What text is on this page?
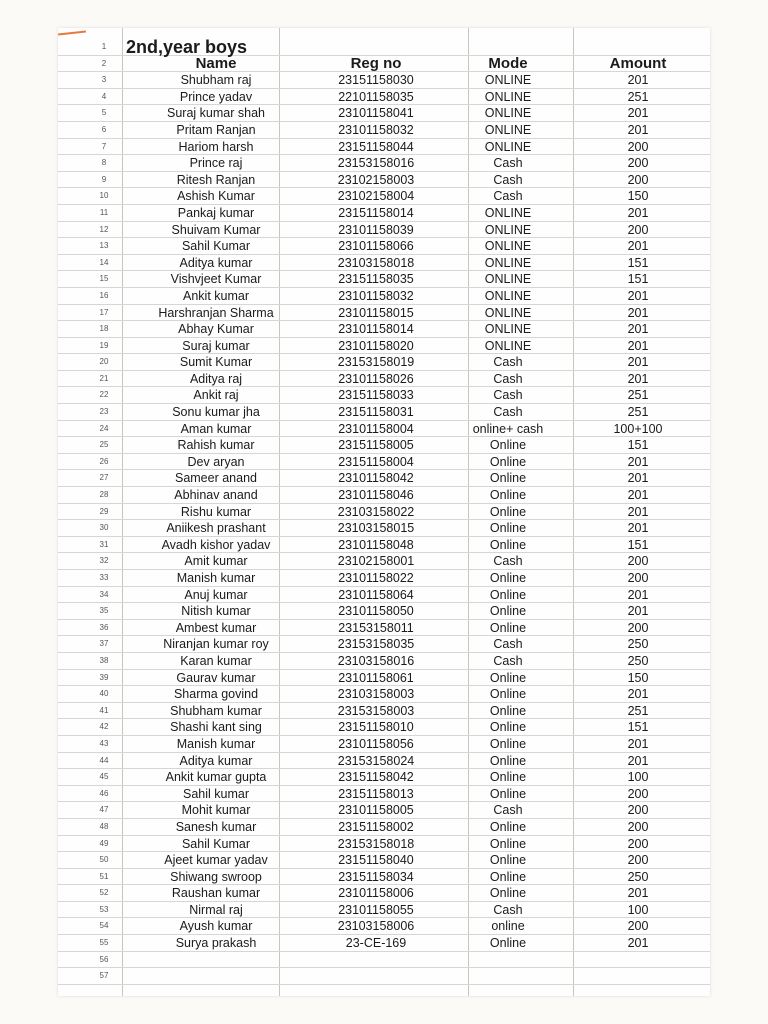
1	2nd,year boys
2	Name	Reg no	Mode	Amount
3	Shubham raj	23151158030	ONLINE	201
4	Prince yadav	22101158035	ONLINE	251
5	Suraj kumar shah	23101158041	ONLINE	201
6	Pritam Ranjan	23101158032	ONLINE	201
7	Hariom harsh	23151158044	ONLINE	200
8	Prince raj	23153158016	Cash	200
9	Ritesh Ranjan	23102158003	Cash	200
10	Ashish Kumar	23102158004	Cash	150
11	Pankaj kumar	23151158014	ONLINE	201
12	Shuivam Kumar	23101158039	ONLINE	200
13	Sahil Kumar	23101158066	ONLINE	201
14	Aditya kumar	23103158018	ONLINE	151
15	Vishvjeet Kumar	23151158035	ONLINE	151
16	Ankit kumar	23101158032	ONLINE	201
17	Harshranjan Sharma	23101158015	ONLINE	201
18	Abhay Kumar	23101158014	ONLINE	201
19	Suraj kumar	23101158020	ONLINE	201
20	Sumit Kumar	23153158019	Cash	201
21	Aditya raj	23101158026	Cash	201
22	Ankit raj	23151158033	Cash	251
23	Sonu kumar jha	23151158031	Cash	251
24	Aman kumar	23101158004	online+ cash	100+100
25	Rahish kumar	23151158005	Online	151
26	Dev aryan	23151158004	Online	201
27	Sameer anand	23101158042	Online	201
28	Abhinav anand	23101158046	Online	201
29	Rishu kumar	23103158022	Online	201
30	Aniikesh prashant	23103158015	Online	201
31	Avadh kishor yadav	23101158048	Online	151
32	Amit kumar	23102158001	Cash	200
33	Manish kumar	23101158022	Online	200
34	Anuj kumar	23101158064	Online	201
35	Nitish kumar	23101158050	Online	201
36	Ambest kumar	23153158011	Online	200
37	Niranjan kumar roy	23153158035	Cash	250
38	Karan kumar	23103158016	Cash	250
39	Gaurav kumar	23101158061	Online	150
40	Sharma govind	23103158003	Online	201
41	Shubham kumar	23153158003	Online	251
42	Shashi kant sing	23151158010	Online	151
43	Manish kumar	23101158056	Online	201
44	Aditya kumar	23153158024	Online	201
45	Ankit kumar gupta	23151158042	Online	100
46	Sahil kumar	23151158013	Online	200
47	Mohit kumar	23101158005	Cash	200
48	Sanesh kumar	23151158002	Online	200
49	Sahil Kumar	23153158018	Online	200
50	Ajeet kumar yadav	23151158040	Online	200
51	Shiwang swroop	23151158034	Online	250
52	Raushan kumar	23101158006	Online	201
53	Nirmal raj	23101158055	Cash	100
54	Ayush kumar	23103158006	online	200
55	Surya prakash	23-CE-169	Online	201
56
57
